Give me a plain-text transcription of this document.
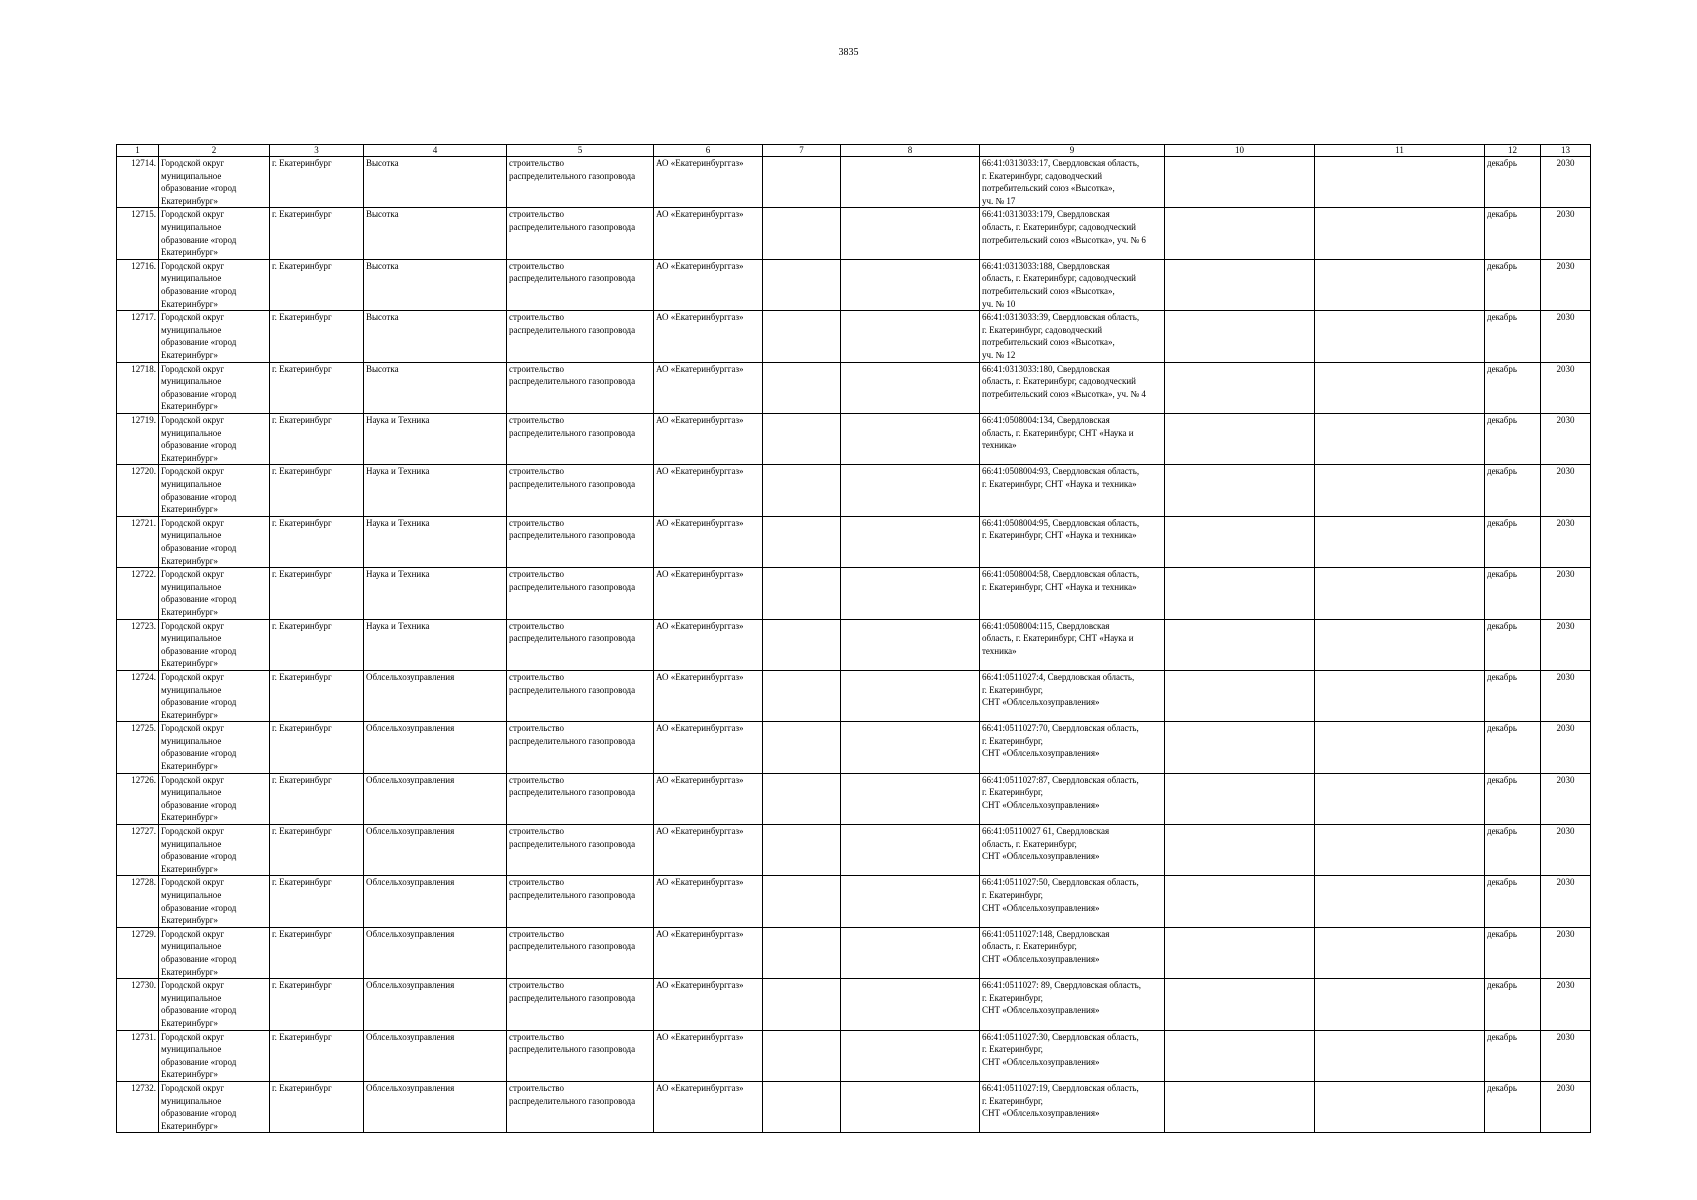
3835
1	2	3	4	5	6	7	8	9	10	11	12	13
12714.	Городской округ
муниципальное
образование «город
Екатеринбург»	г. Екатеринбург	Высотка	строительство
распределительного газопровода	АО «Екатеринбурггаз»			66:41:0313033:17, Свердловская область,
г. Екатеринбург, садоводческий
потребительский союз «Высотка»,
уч. № 17			декабрь	2030
12715.	Городской округ
муниципальное
образование «город
Екатеринбург»	г. Екатеринбург	Высотка	строительство
распределительного газопровода	АО «Екатеринбурггаз»			66:41:0313033:179, Свердловская
область, г. Екатеринбург, садоводческий
потребительский союз «Высотка», уч. № 6			декабрь	2030
12716.	Городской округ
муниципальное
образование «город
Екатеринбург»	г. Екатеринбург	Высотка	строительство
распределительного газопровода	АО «Екатеринбурггаз»			66:41:0313033:188, Свердловская
область, г. Екатеринбург, садоводческий
потребительский союз «Высотка»,
уч. № 10			декабрь	2030
12717.	Городской округ
муниципальное
образование «город
Екатеринбург»	г. Екатеринбург	Высотка	строительство
распределительного газопровода	АО «Екатеринбурггаз»			66:41:0313033:39, Свердловская область,
г. Екатеринбург, садоводческий
потребительский союз «Высотка»,
уч. № 12			декабрь	2030
12718.	Городской округ
муниципальное
образование «город
Екатеринбург»	г. Екатеринбург	Высотка	строительство
распределительного газопровода	АО «Екатеринбурггаз»			66:41:0313033:180, Свердловская
область, г. Екатеринбург, садоводческий
потребительский союз «Высотка», уч. № 4			декабрь	2030
12719.	Городской округ
муниципальное
образование «город
Екатеринбург»	г. Екатеринбург	Наука и Техника	строительство
распределительного газопровода	АО «Екатеринбурггаз»			66:41:0508004:134, Свердловская
область, г. Екатеринбург, СНТ «Наука и
техника»			декабрь	2030
12720.	Городской округ
муниципальное
образование «город
Екатеринбург»	г. Екатеринбург	Наука и Техника	строительство
распределительного газопровода	АО «Екатеринбурггаз»			66:41:0508004:93, Свердловская область,
г. Екатеринбург, СНТ «Наука и техника»			декабрь	2030
12721.	Городской округ
муниципальное
образование «город
Екатеринбург»	г. Екатеринбург	Наука и Техника	строительство
распределительного газопровода	АО «Екатеринбурггаз»			66:41:0508004:95, Свердловская область,
г. Екатеринбург, СНТ «Наука и техника»			декабрь	2030
12722.	Городской округ
муниципальное
образование «город
Екатеринбург»	г. Екатеринбург	Наука и Техника	строительство
распределительного газопровода	АО «Екатеринбурггаз»			66:41:0508004:58, Свердловская область,
г. Екатеринбург, СНТ «Наука и техника»			декабрь	2030
12723.	Городской округ
муниципальное
образование «город
Екатеринбург»	г. Екатеринбург	Наука и Техника	строительство
распределительного газопровода	АО «Екатеринбурггаз»			66:41:0508004:115, Свердловская
область, г. Екатеринбург, СНТ «Наука и
техника»			декабрь	2030
12724.	Городской округ
муниципальное
образование «город
Екатеринбург»	г. Екатеринбург	Облсельхозуправления	строительство
распределительного газопровода	АО «Екатеринбурггаз»			66:41:0511027:4, Свердловская область,
г. Екатеринбург,
СНТ «Облсельхозуправления»			декабрь	2030
12725.	Городской округ
муниципальное
образование «город
Екатеринбург»	г. Екатеринбург	Облсельхозуправления	строительство
распределительного газопровода	АО «Екатеринбурггаз»			66:41:0511027:70, Свердловская область,
г. Екатеринбург,
СНТ «Облсельхозуправления»			декабрь	2030
12726.	Городской округ
муниципальное
образование «город
Екатеринбург»	г. Екатеринбург	Облсельхозуправления	строительство
распределительного газопровода	АО «Екатеринбурггаз»			66:41:0511027:87, Свердловская область,
г. Екатеринбург,
СНТ «Облсельхозуправления»			декабрь	2030
12727.	Городской округ
муниципальное
образование «город
Екатеринбург»	г. Екатеринбург	Облсельхозуправления	строительство
распределительного газопровода	АО «Екатеринбурггаз»			66:41:05110027 61, Свердловская
область, г. Екатеринбург,
СНТ «Облсельхозуправления»			декабрь	2030
12728.	Городской округ
муниципальное
образование «город
Екатеринбург»	г. Екатеринбург	Облсельхозуправления	строительство
распределительного газопровода	АО «Екатеринбурггаз»			66:41:0511027:50, Свердловская область,
г. Екатеринбург,
СНТ «Облсельхозуправления»			декабрь	2030
12729.	Городской округ
муниципальное
образование «город
Екатеринбург»	г. Екатеринбург	Облсельхозуправления	строительство
распределительного газопровода	АО «Екатеринбурггаз»			66:41:0511027:148, Свердловская
область, г. Екатеринбург,
СНТ «Облсельхозуправления»			декабрь	2030
12730.	Городской округ
муниципальное
образование «город
Екатеринбург»	г. Екатеринбург	Облсельхозуправления	строительство
распределительного газопровода	АО «Екатеринбурггаз»			66:41:0511027: 89, Свердловская область,
г. Екатеринбург,
СНТ «Облсельхозуправления»			декабрь	2030
12731.	Городской округ
муниципальное
образование «город
Екатеринбург»	г. Екатеринбург	Облсельхозуправления	строительство
распределительного газопровода	АО «Екатеринбурггаз»			66:41:0511027:30, Свердловская область,
г. Екатеринбург,
СНТ «Облсельхозуправления»			декабрь	2030
12732.	Городской округ
муниципальное
образование «город
Екатеринбург»	г. Екатеринбург	Облсельхозуправления	строительство
распределительного газопровода	АО «Екатеринбурггаз»			66:41:0511027:19, Свердловская область,
г. Екатеринбург,
СНТ «Облсельхозуправления»			декабрь	2030
